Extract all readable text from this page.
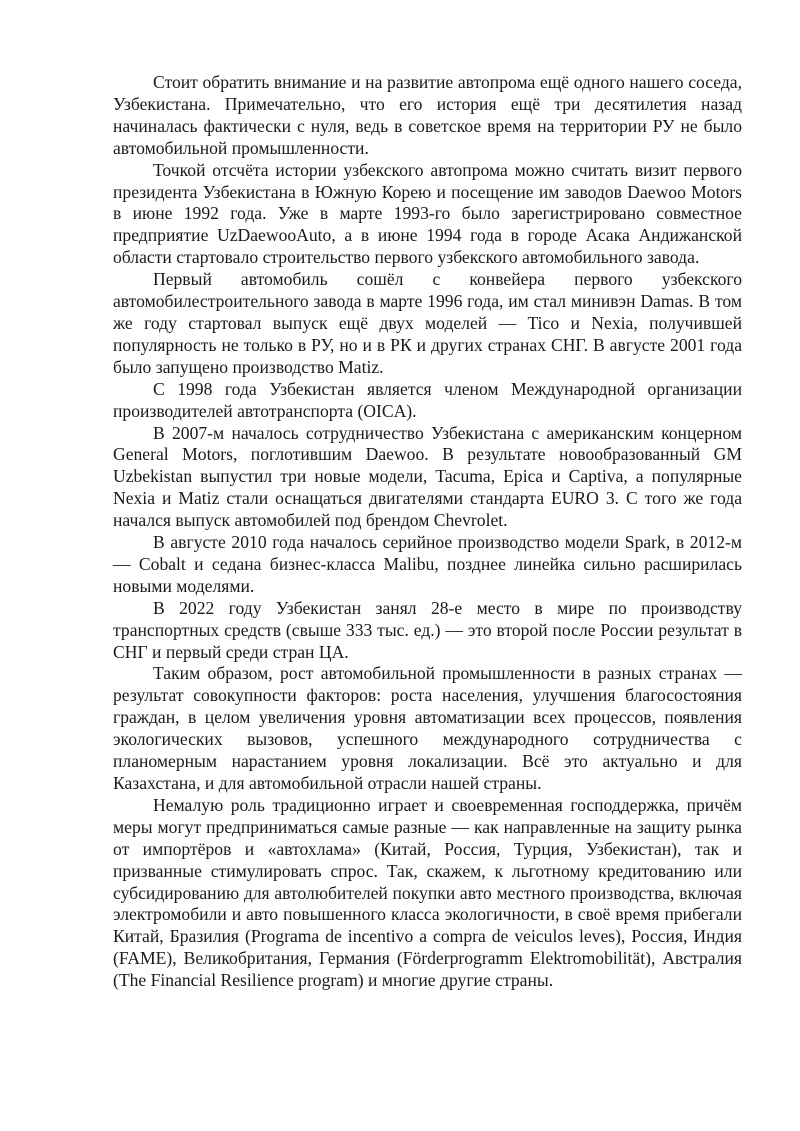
Стоит обратить внимание и на развитие автопрома ещё одного нашего соседа, Узбекистана. Примечательно, что его история ещё три десятилетия назад начиналась фактически с нуля, ведь в советское время на территории РУ не было автомобильной промышленности.

Точкой отсчёта истории узбекского автопрома можно считать визит первого президента Узбекистана в Южную Корею и посещение им заводов Daewoo Motors в июне 1992 года. Уже в марте 1993-го было зарегистрировано совместное предприятие UzDaewooAuto, а в июне 1994 года в городе Асака Андижанской области стартовало строительство первого узбекского автомобильного завода.

Первый автомобиль сошёл с конвейера первого узбекского автомобилестроительного завода в марте 1996 года, им стал минивэн Damas. В том же году стартовал выпуск ещё двух моделей — Tico и Nexia, получившей популярность не только в РУ, но и в РК и других странах СНГ. В августе 2001 года было запущено производство Matiz.

С 1998 года Узбекистан является членом Международной организации производителей автотранспорта (OICA).

В 2007-м началось сотрудничество Узбекистана с американским концерном General Motors, поглотившим Daewoo. В результате новообразованный GM Uzbekistan выпустил три новые модели, Tacuma, Epica и Captiva, а популярные Nexia и Matiz стали оснащаться двигателями стандарта EURO 3. С того же года начался выпуск автомобилей под брендом Chevrolet.

В августе 2010 года началось серийное производство модели Spark, в 2012-м — Cobalt и седана бизнес-класса Malibu, позднее линейка сильно расширилась новыми моделями.

В 2022 году Узбекистан занял 28-е место в мире по производству транспортных средств (свыше 333 тыс. ед.) — это второй после России результат в СНГ и первый среди стран ЦА.

Таким образом, рост автомобильной промышленности в разных странах — результат совокупности факторов: роста населения, улучшения благосостояния граждан, в целом увеличения уровня автоматизации всех процессов, появления экологических вызовов, успешного международного сотрудничества с планомерным нарастанием уровня локализации. Всё это актуально и для Казахстана, и для автомобильной отрасли нашей страны.

Немалую роль традиционно играет и своевременная господдержка, причём меры могут предприниматься самые разные — как направленные на защиту рынка от импортёров и «автохлама» (Китай, Россия, Турция, Узбекистан), так и призванные стимулировать спрос. Так, скажем, к льготному кредитованию или субсидированию для автолюбителей покупки авто местного производства, включая электромобили и авто повышенного класса экологичности, в своё время прибегали Китай, Бразилия (Programa de incentivo a compra de veiculos leves), Россия, Индия (FAME), Великобритания, Германия (Förderprogramm Elektromobilität), Австралия (The Financial Resilience program) и многие другие страны.
